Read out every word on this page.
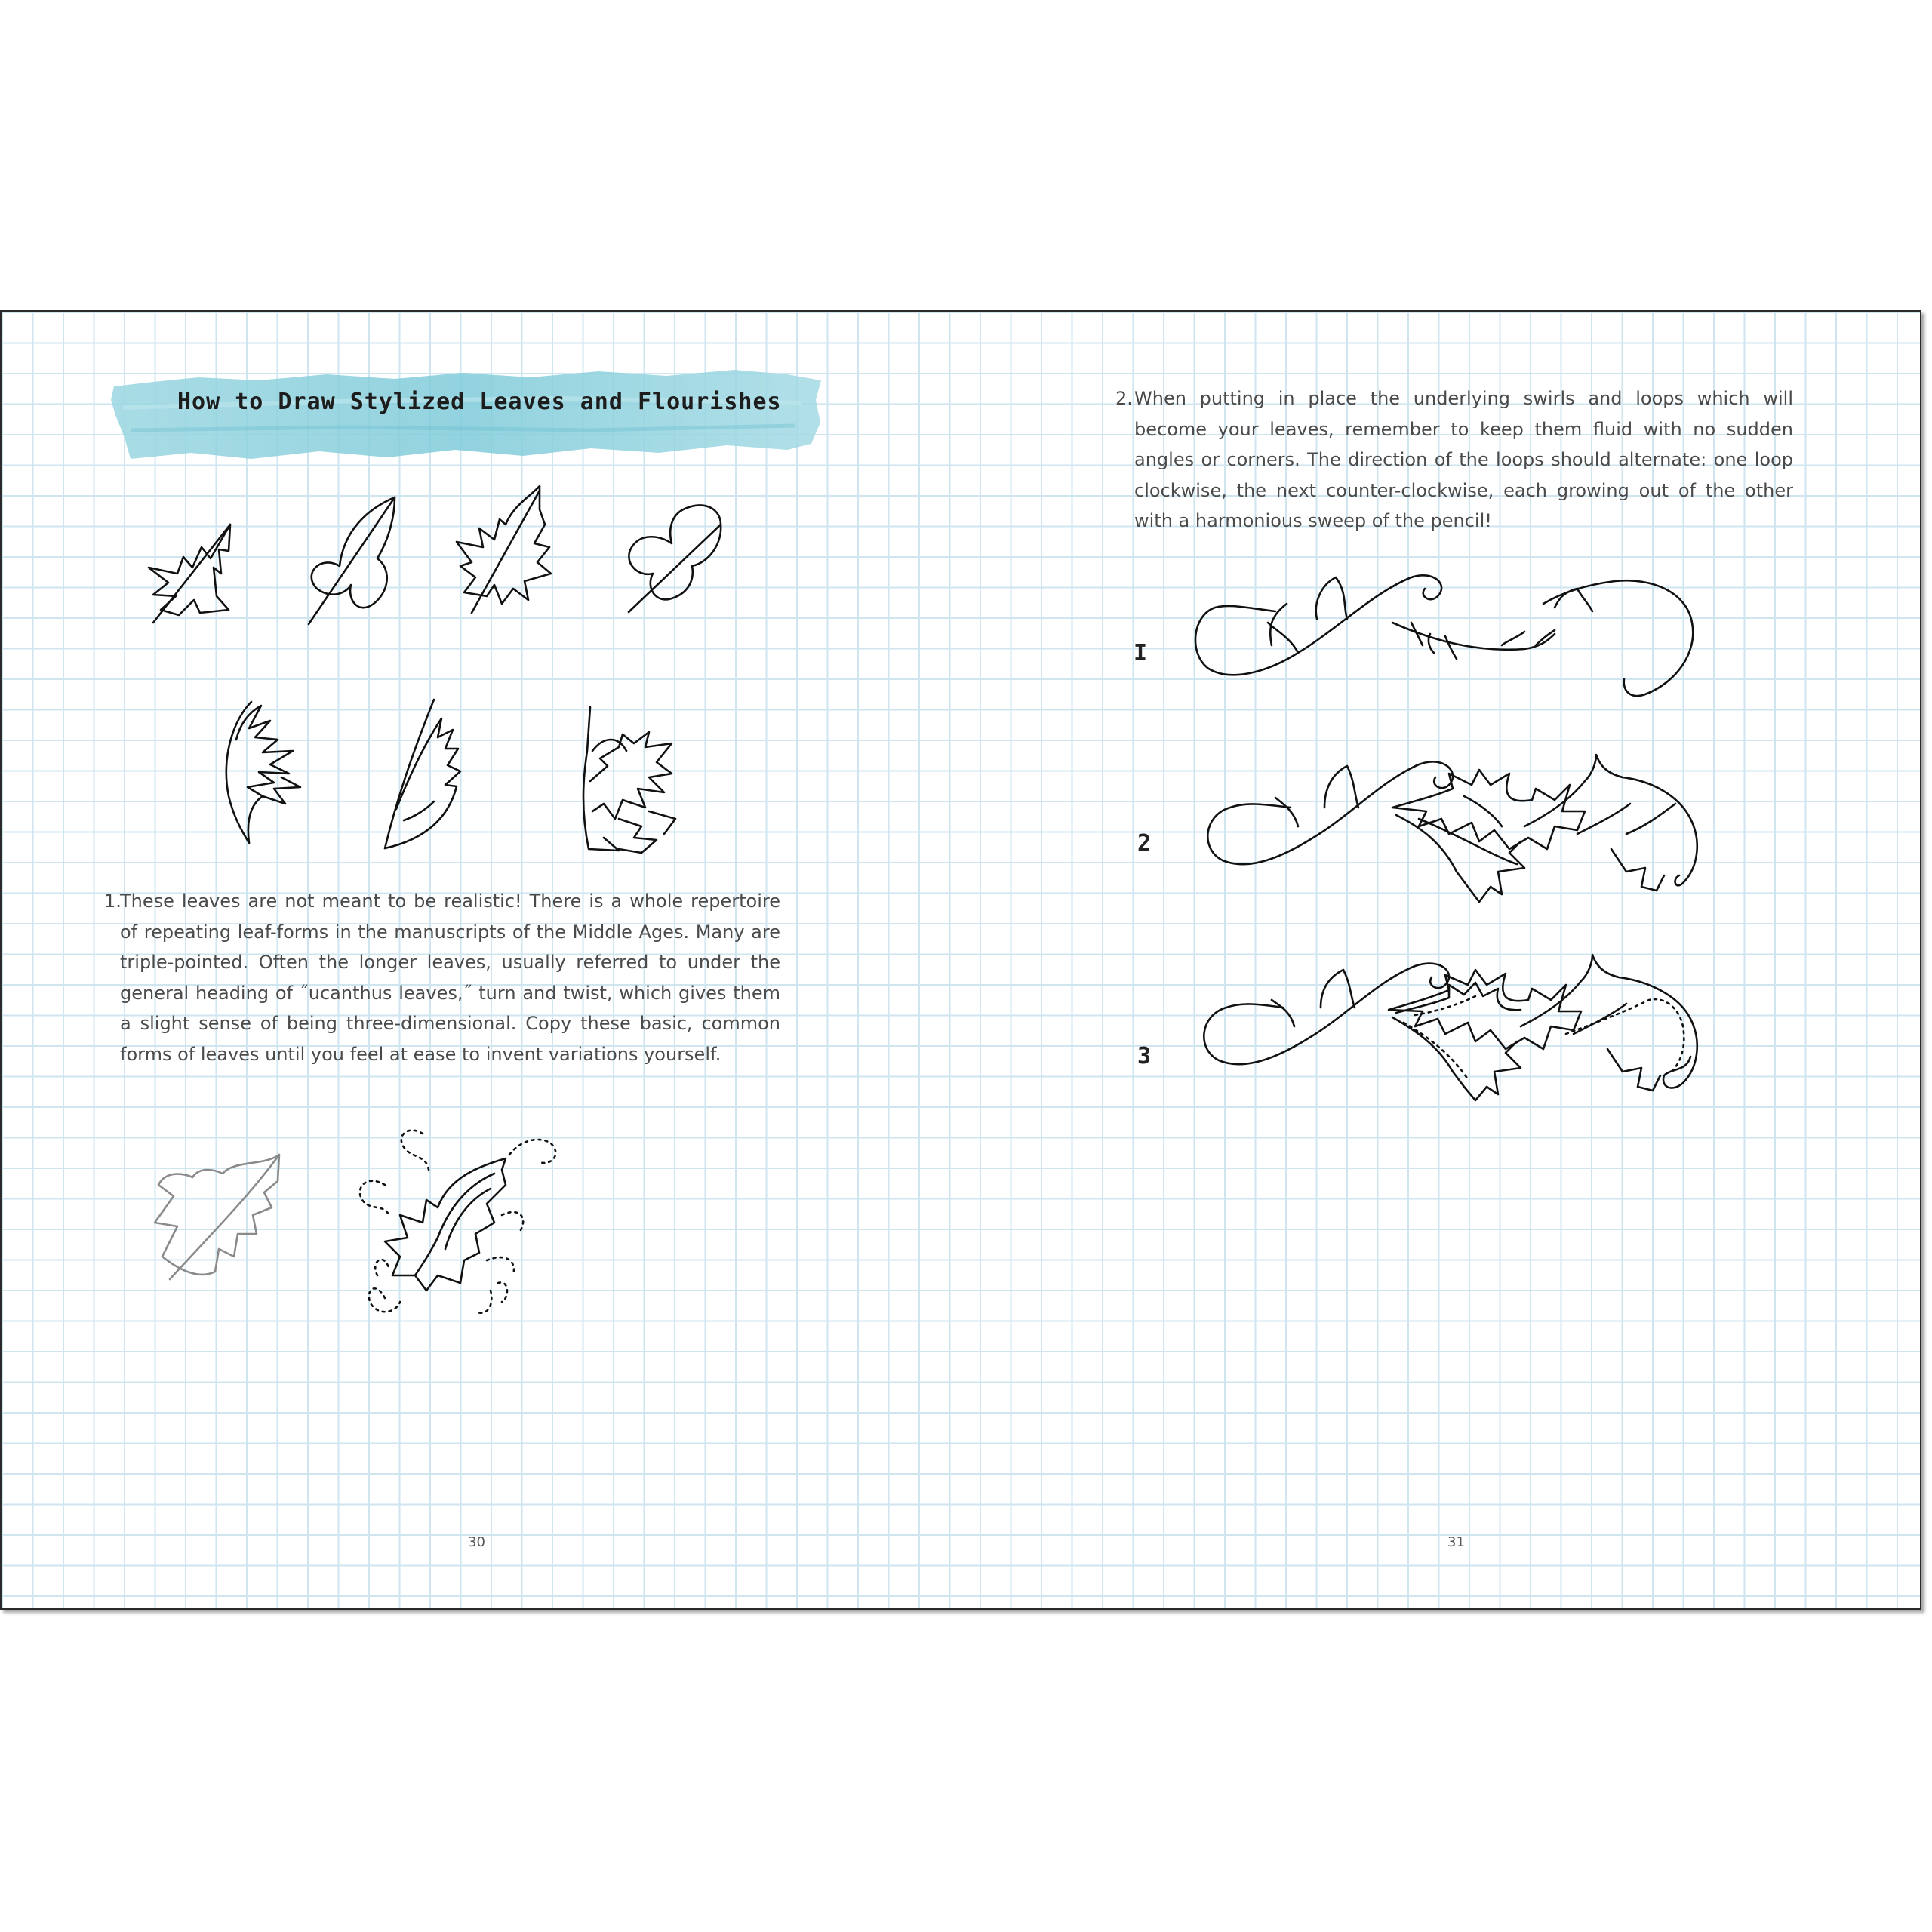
How to Draw Stylized Leaves and Flourishes
1.
These leaves are not meant to be realistic! There is a whole repertoire of repeating leaf-forms in the manuscripts of the Middle Ages. Many are triple-pointed. Often the longer leaves, usually referred to under the general heading of ˝ucanthus leaves,˝ turn and twist, which gives them a slight sense of being three-dimensional. Copy these basic, common forms of leaves until you feel at ease to invent variations yourself.
30
2. When putting in place the underlying swirls and loops which will become your leaves, remember to keep them fluid with no sudden angles or corners. The direction of the loops should alternate: one loop clockwise, the next counter-clockwise, each growing out of the other with a harmonious sweep of the pencil!
I
2
3
31
